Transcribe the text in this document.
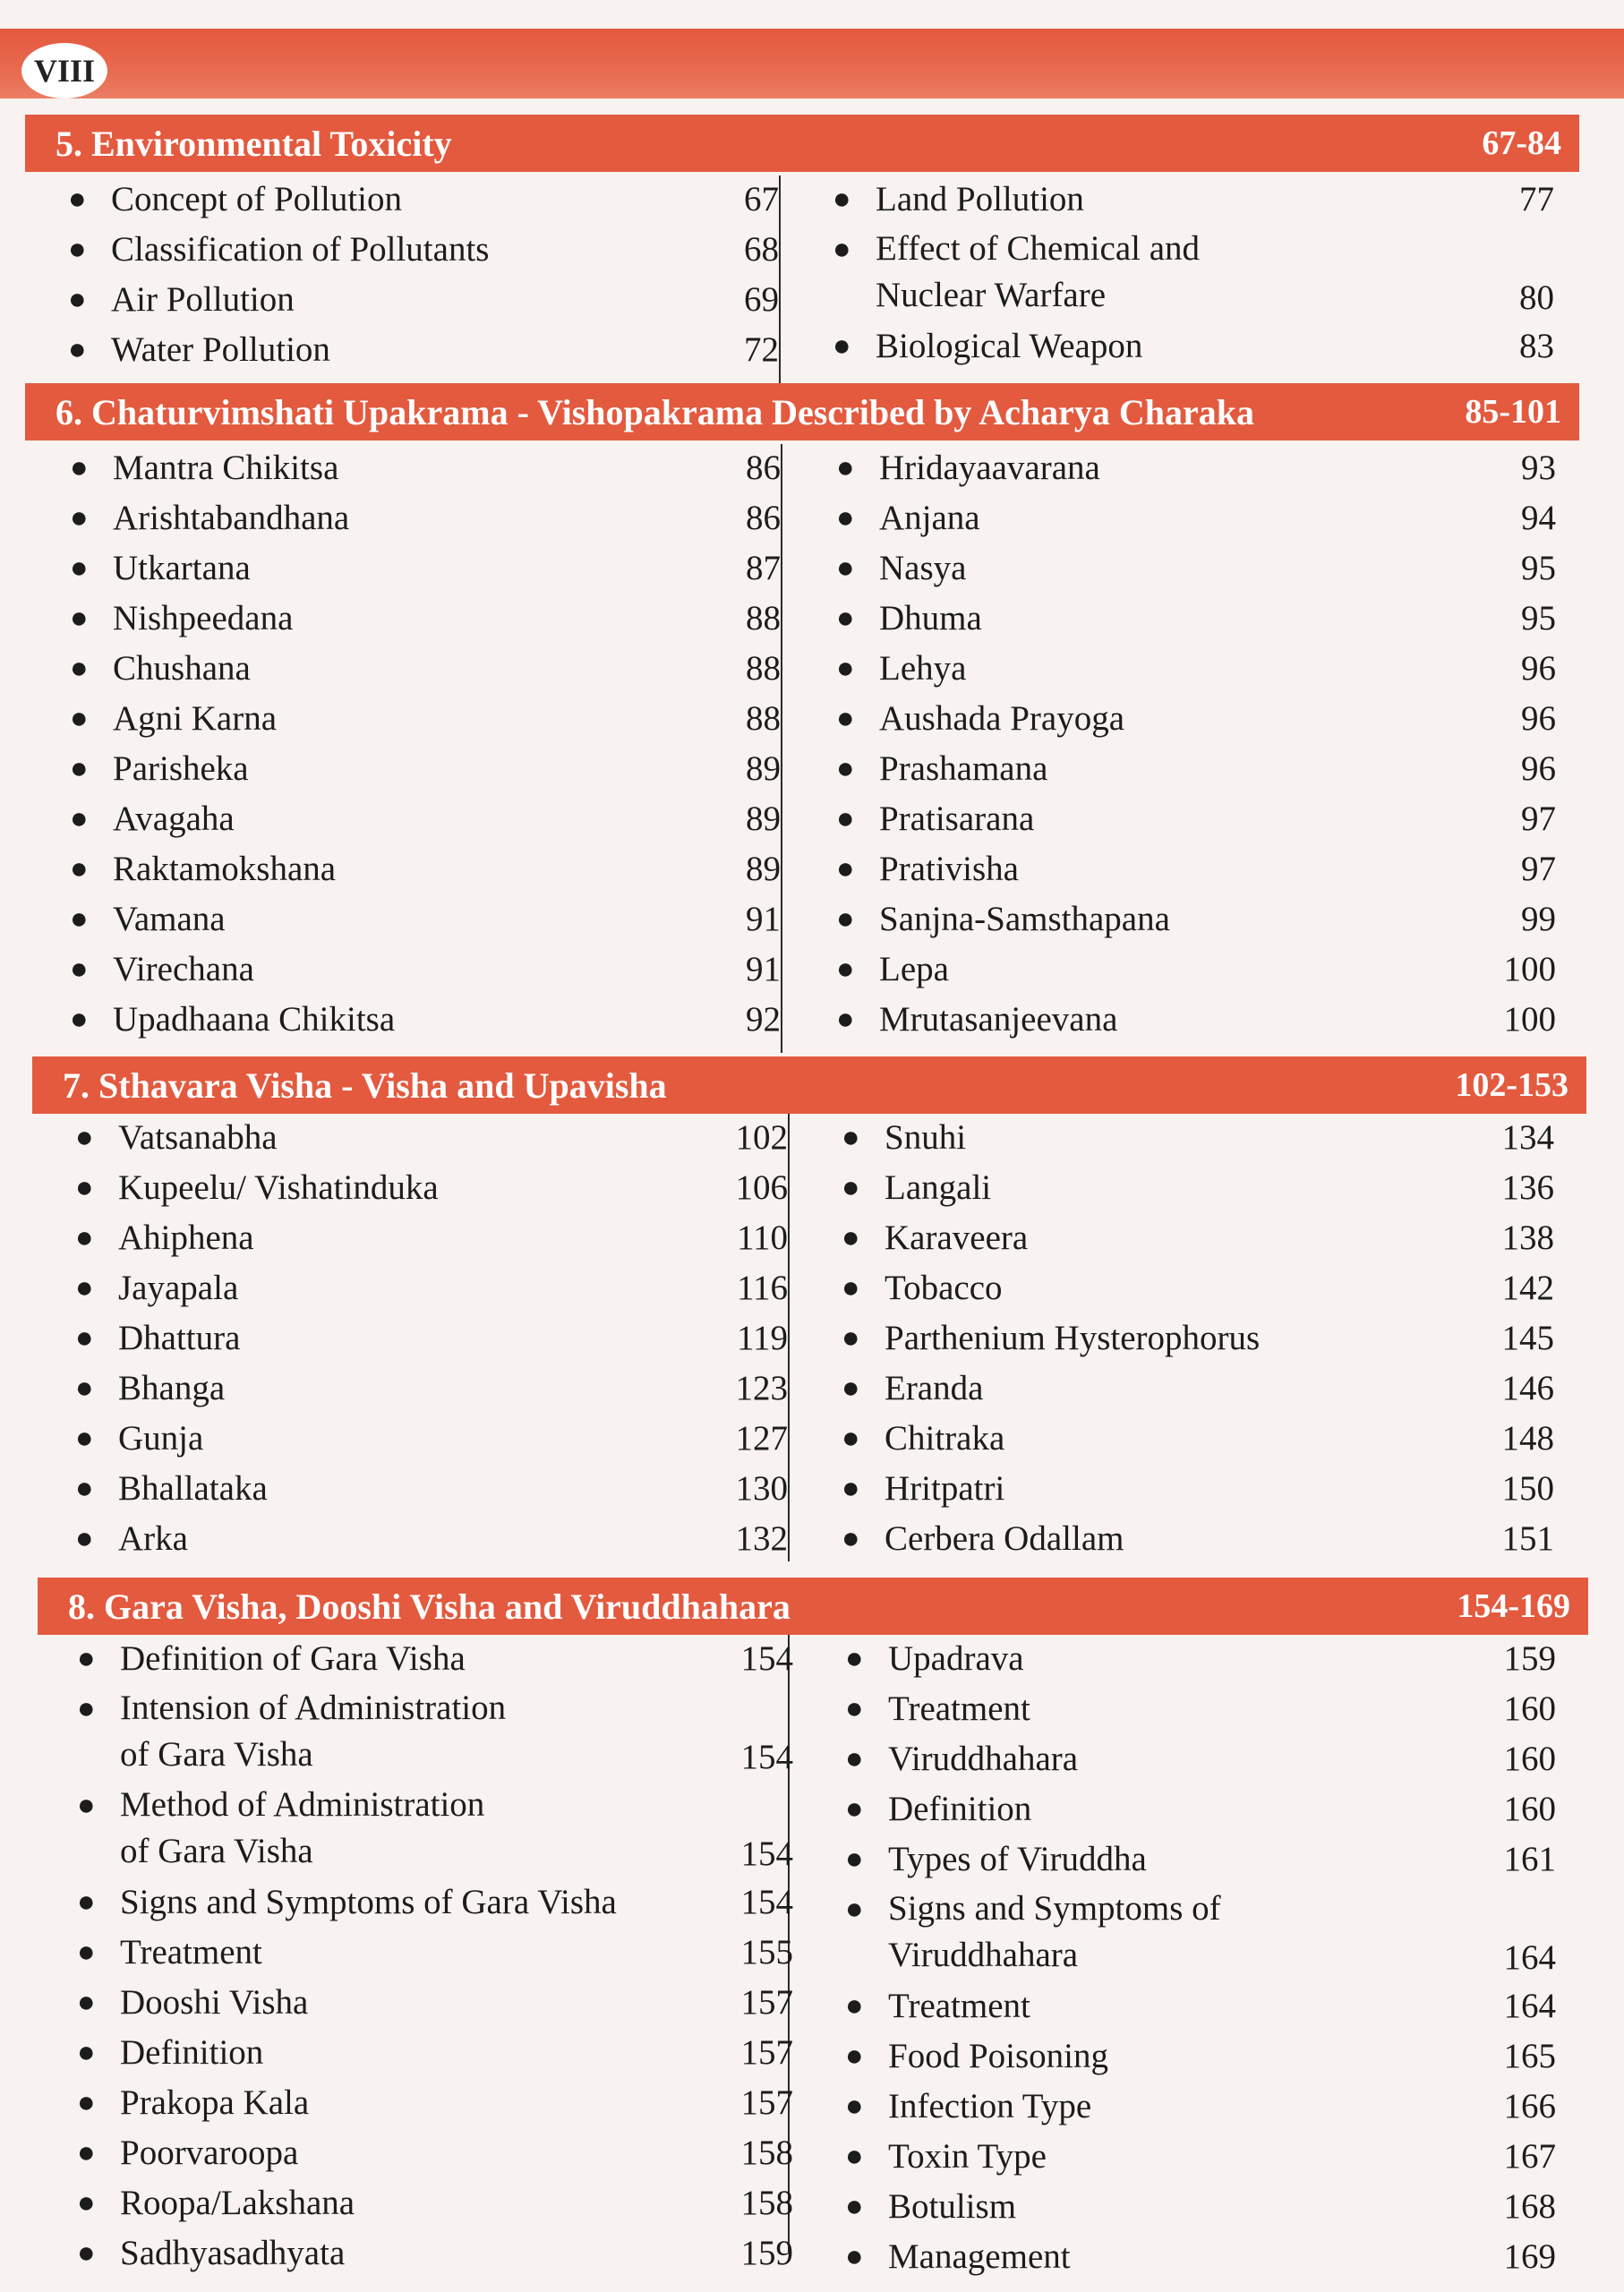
VIII
5. Environmental Toxicity	67-84
● Concept of Pollution	67
● Classification of Pollutants	68
● Air Pollution	69
● Water Pollution	72
● Land Pollution	77
● Effect of Chemical and
Nuclear Warfare	80
● Biological Weapon	83
6. Chaturvimshati Upakrama - Vishopakrama Described by Acharya Charaka	85-101
● Mantra Chikitsa	86
● Arishtabandhana	86
● Utkartana	87
● Nishpeedana	88
● Chushana	88
● Agni Karna	88
● Parisheka	89
● Avagaha	89
● Raktamokshana	89
● Vamana	91
● Virechana	91
● Upadhaana Chikitsa	92
● Hridayaavarana	93
● Anjana	94
● Nasya	95
● Dhuma	95
● Lehya	96
● Aushada Prayoga	96
● Prashamana	96
● Pratisarana	97
● Prativisha	97
● Sanjna-Samsthapana	99
● Lepa	100
● Mrutasanjeevana	100
7. Sthavara Visha - Visha and Upavisha	102-153
● Vatsanabha	102
● Kupeelu/ Vishatinduka	106
● Ahiphena	110
● Jayapala	116
● Dhattura	119
● Bhanga	123
● Gunja	127
● Bhallataka	130
● Arka	132
● Snuhi	134
● Langali	136
● Karaveera	138
● Tobacco	142
● Parthenium Hysterophorus	145
● Eranda	146
● Chitraka	148
● Hritpatri	150
● Cerbera Odallam	151
8. Gara Visha, Dooshi Visha and Viruddhahara	154-169
● Definition of Gara Visha	154
● Intension of Administration
of Gara Visha	154
● Method of Administration
of Gara Visha	154
● Signs and Symptoms of Gara Visha	154
● Treatment	155
● Dooshi Visha	157
● Definition	157
● Prakopa Kala	157
● Poorvaroopa	158
● Roopa/Lakshana	158
● Sadhyasadhyata	159
● Upadrava	159
● Treatment	160
● Viruddhahara	160
● Definition	160
● Types of Viruddha	161
● Signs and Symptoms of
Viruddhahara	164
● Treatment	164
● Food Poisoning	165
● Infection Type	166
● Toxin Type	167
● Botulism	168
● Management	169
